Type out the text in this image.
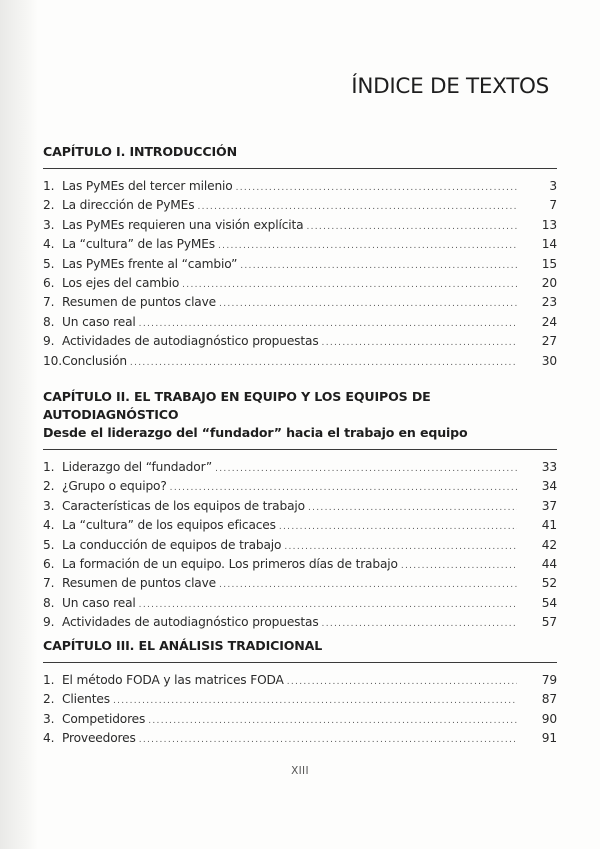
ÍNDICE DE TEXTOS
CAPÍTULO I. INTRODUCCIÓN
1. Las PyMEs del tercer milenio .....	3
2. La dirección de PyMEs .....	7
3. Las PyMEs requieren una visión explícita .....	13
4. La “cultura” de las PyMEs .....	14
5. Las PyMEs frente al “cambio” .....	15
6. Los ejes del cambio .....	20
7. Resumen de puntos clave .....	23
8. Un caso real .....	24
9. Actividades de autodiagnóstico propuestas .....	27
10. Conclusión .....	30
CAPÍTULO II. EL TRABAJO EN EQUIPO Y LOS EQUIPOS DE AUTODIAGNÓSTICO
Desde el liderazgo del “fundador” hacia el trabajo en equipo
1. Liderazgo del “fundador” .....	33
2. ¿Grupo o equipo? .....	34
3. Características de los equipos de trabajo .....	37
4. La “cultura” de los equipos eficaces .....	41
5. La conducción de equipos de trabajo .....	42
6. La formación de un equipo. Los primeros días de trabajo .....	44
7. Resumen de puntos clave .....	52
8. Un caso real .....	54
9. Actividades de autodiagnóstico propuestas .....	57
CAPÍTULO III. EL ANÁLISIS TRADICIONAL
1. El método FODA y las matrices FODA .....	79
2. Clientes .....	87
3. Competidores .....	90
4. Proveedores .....	91
XIII
